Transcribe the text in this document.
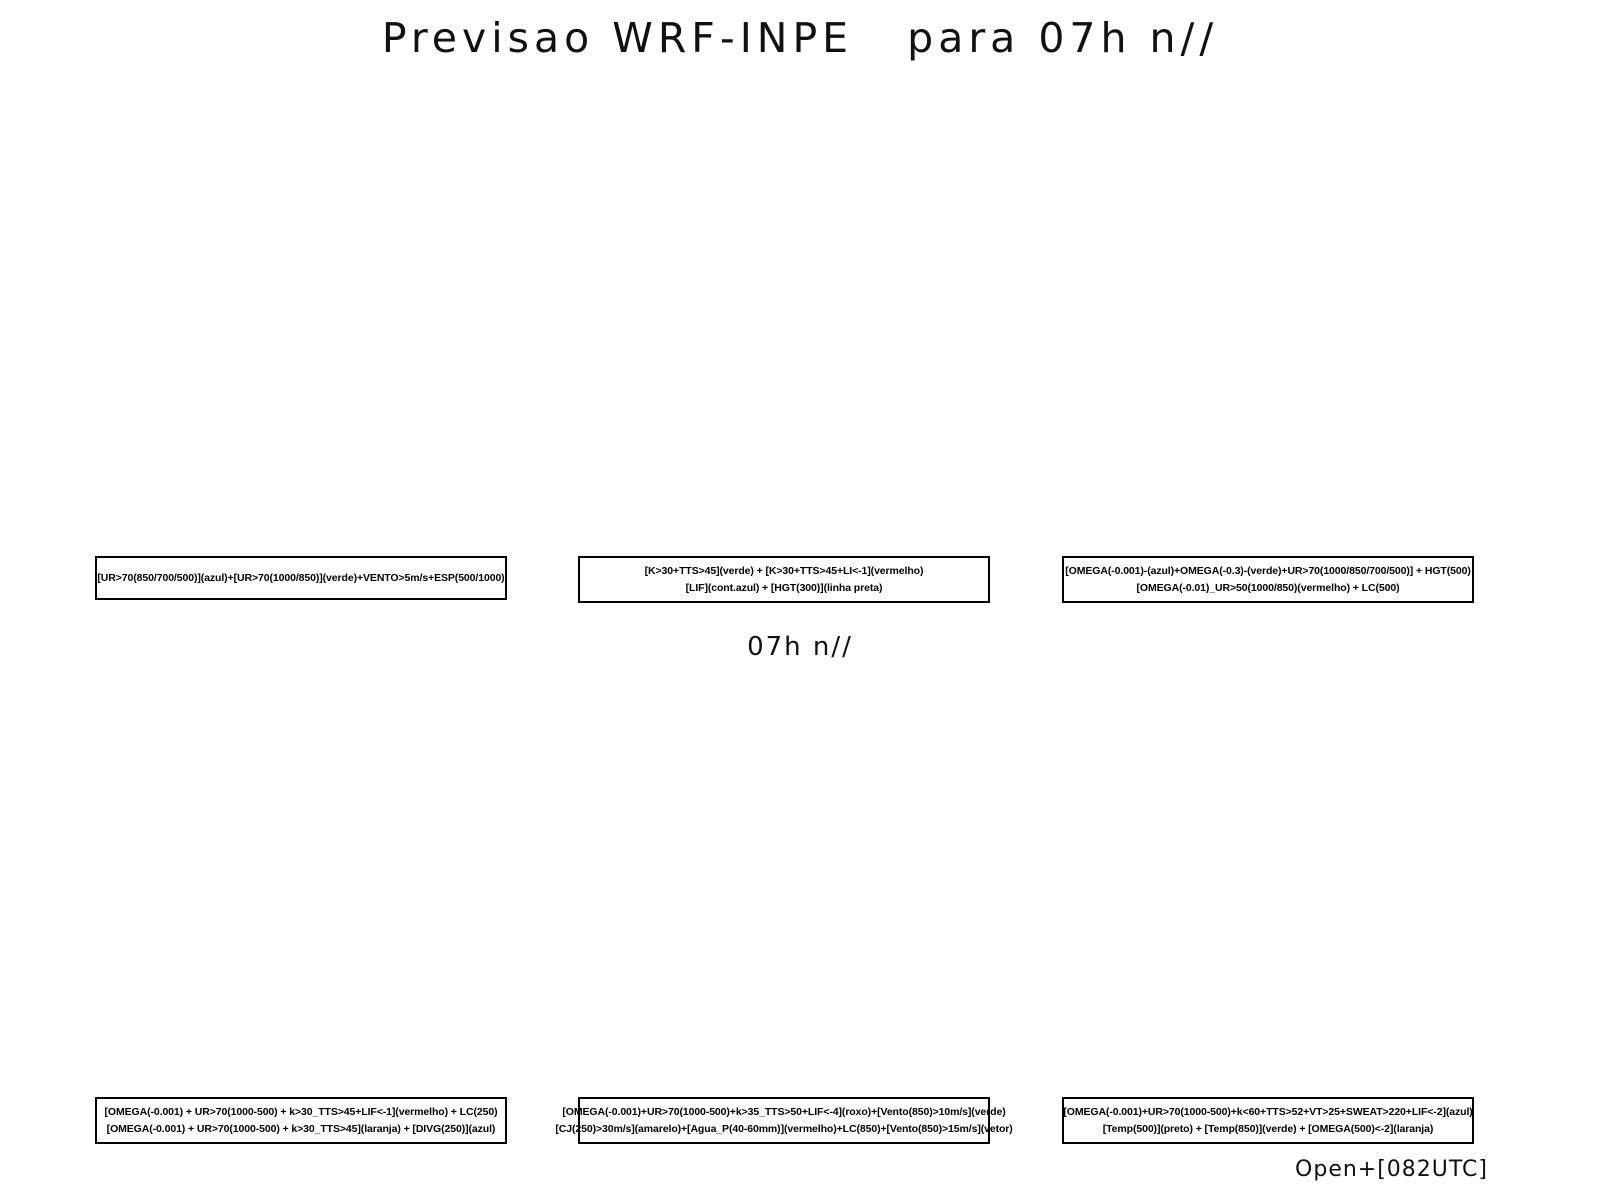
Previsao WRF-INPE   para 07h n//
[UR>70(850/700/500)](azul)+[UR>70(1000/850)](verde)+VENTO>5m/s+ESP(500/1000)
[K>30+TTS>45](verde) + [K>30+TTS>45+LI<-1](vermelho)
[LIF](cont.azul) + [HGT(300)](linha preta)
[OMEGA(-0.001)-(azul)+OMEGA(-0.3)-(verde)+UR>70(1000/850/700/500)] + HGT(500)
[OMEGA(-0.01)_UR>50(1000/850)(vermelho) + LC(500)
07h n//
[OMEGA(-0.001) + UR>70(1000-500) + k>30_TTS>45+LIF<-1](vermelho) + LC(250)
[OMEGA(-0.001) + UR>70(1000-500) + k>30_TTS>45](laranja) + [DIVG(250)](azul)
[OMEGA(-0.001)+UR>70(1000-500)+k>35_TTS>50+LIF<-4](roxo)+[Vento(850)>10m/s](verde)
[CJ(250)>30m/s](amarelo)+[Agua_P(40-60mm)](vermelho)+LC(850)+[Vento(850)>15m/s](vetor)
[OMEGA(-0.001)+UR>70(1000-500)+k<60+TTS>52+VT>25+SWEAT>220+LIF<-2](azul)
[Temp(500)](preto) + [Temp(850)](verde) + [OMEGA(500)<-2](laranja)
Open+[082UTC]
